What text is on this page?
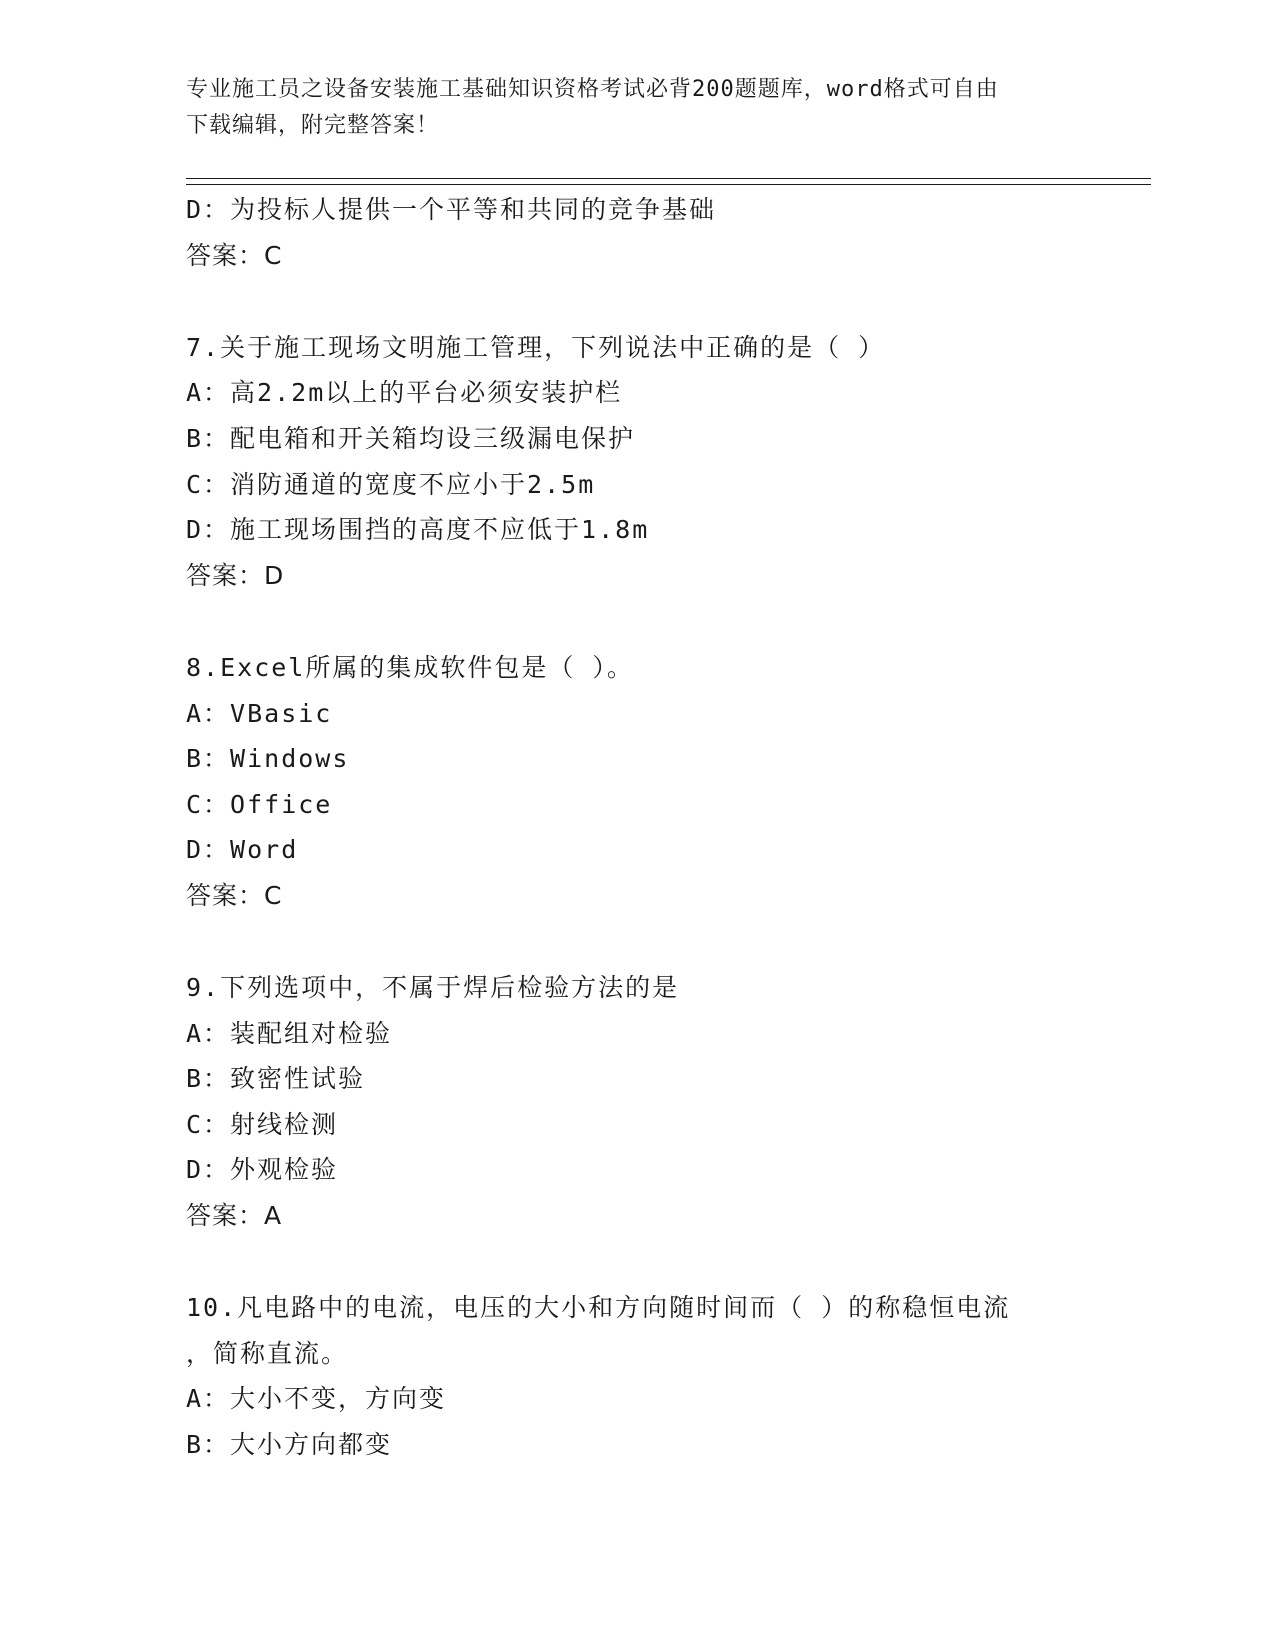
专业施工员之设备安装施工基础知识资格考试必背200题题库，word格式可自由
下载编辑，附完整答案！
D：为投标人提供一个平等和共同的竞争基础
答案：C
7.关于施工现场文明施工管理，下列说法中正确的是（ ）
A：高2.2m以上的平台必须安装护栏
B：配电箱和开关箱均设三级漏电保护
C：消防通道的宽度不应小于2.5m
D：施工现场围挡的高度不应低于1.8m
答案：D
8.Excel所属的集成软件包是（ ）。
A：VBasic
B：Windows
C：Office
D：Word
答案：C
9.下列选项中，不属于焊后检验方法的是
A：装配组对检验
B：致密性试验
C：射线检测
D：外观检验
答案：A
10.凡电路中的电流，电压的大小和方向随时间而（ ）的称稳恒电流
，简称直流。
A：大小不变，方向变
B：大小方向都变
